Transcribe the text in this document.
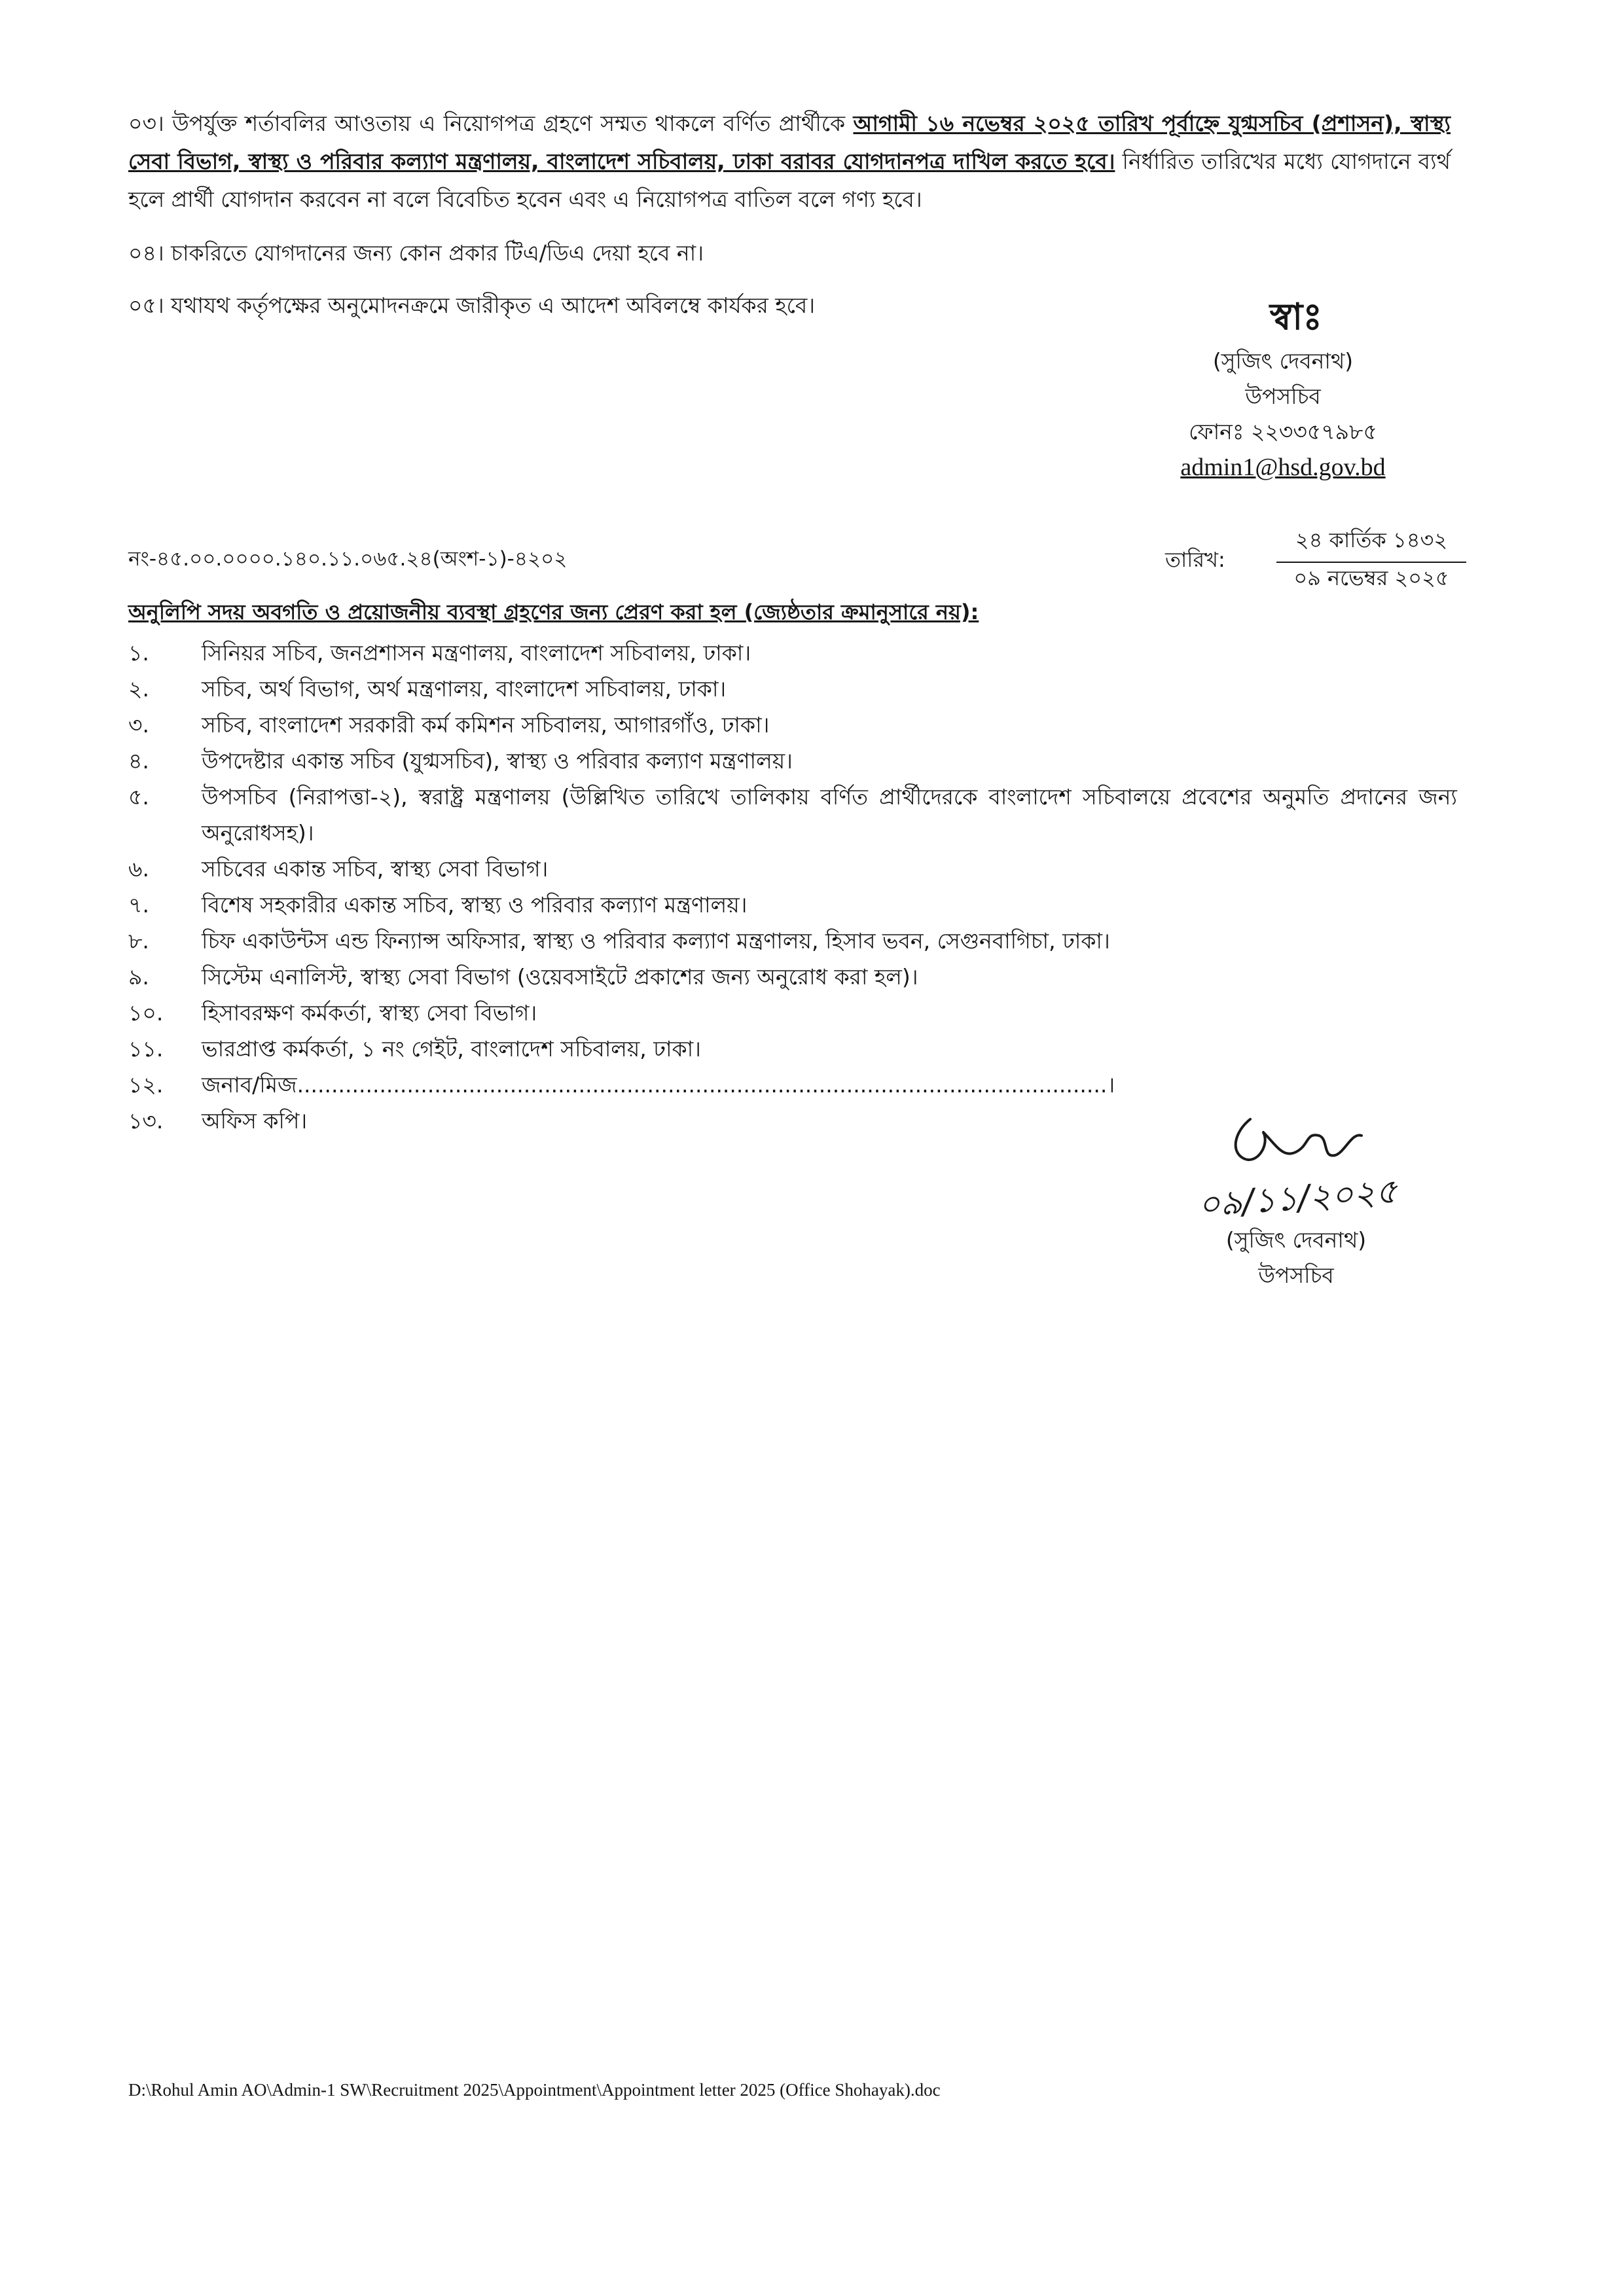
০৩। উপর্যুক্ত শর্তাবলির আওতায় এ নিয়োগপত্র গ্রহণে সম্মত থাকলে বর্ণিত প্রার্থীকে আগামী ১৬ নভেম্বর ২০২৫ তারিখ পূর্বাহ্নে যুগ্মসচিব (প্রশাসন), স্বাস্থ্য সেবা বিভাগ, স্বাস্থ্য ও পরিবার কল্যাণ মন্ত্রণালয়, বাংলাদেশ সচিবালয়, ঢাকা বরাবর যোগদানপত্র দাখিল করতে হবে। নির্ধারিত তারিখের মধ্যে যোগদানে ব্যর্থ হলে প্রার্থী যোগদান করবেন না বলে বিবেচিত হবেন এবং এ নিয়োগপত্র বাতিল বলে গণ্য হবে।
০৪। চাকরিতে যোগদানের জন্য কোন প্রকার টিএ/ডিএ দেয়া হবে না।
০৫। যথাযথ কর্তৃপক্ষের অনুমোদনক্রমে জারীকৃত এ আদেশ অবিলম্বে কার্যকর হবে।	স্বাঃ
(সুজিৎ দেবনাথ)
উপসচিব
ফোনঃ ২২৩৩৫৭৯৮৫
admin1@hsd.gov.bd
নং-৪৫.০০.০০০০.১৪০.১১.০৬৫.২৪(অংশ-১)-৪২০২	তারিখ:
২৪ কার্তিক ১৪৩২
০৯ নভেম্বর ২০২৫
অনুলিপি সদয় অবগতি ও প্রয়োজনীয় ব্যবস্থা গ্রহণের জন্য প্রেরণ করা হল (জ্যেষ্ঠতার ক্রমানুসারে নয়):
১.	সিনিয়র সচিব, জনপ্রশাসন মন্ত্রণালয়, বাংলাদেশ সচিবালয়, ঢাকা।
২.	সচিব, অর্থ বিভাগ, অর্থ মন্ত্রণালয়, বাংলাদেশ সচিবালয়, ঢাকা।
৩.	সচিব, বাংলাদেশ সরকারী কর্ম কমিশন সচিবালয়, আগারগাঁও, ঢাকা।
৪.	উপদেষ্টার একান্ত সচিব (যুগ্মসচিব), স্বাস্থ্য ও পরিবার কল্যাণ মন্ত্রণালয়।
৫.	উপসচিব (নিরাপত্তা-২), স্বরাষ্ট্র মন্ত্রণালয় (উল্লিখিত তারিখে তালিকায় বর্ণিত প্রার্থীদেরকে বাংলাদেশ সচিবালয়ে প্রবেশের অনুমতি প্রদানের জন্য অনুরোধসহ)।
৬.	সচিবের একান্ত সচিব, স্বাস্থ্য সেবা বিভাগ।
৭.	বিশেষ সহকারীর একান্ত সচিব, স্বাস্থ্য ও পরিবার কল্যাণ মন্ত্রণালয়।
৮.	চিফ একাউন্টস এন্ড ফিন্যান্স অফিসার, স্বাস্থ্য ও পরিবার কল্যাণ মন্ত্রণালয়, হিসাব ভবন, সেগুনবাগিচা, ঢাকা।
৯.	সিস্টেম এনালিস্ট, স্বাস্থ্য সেবা বিভাগ (ওয়েবসাইটে প্রকাশের জন্য অনুরোধ করা হল)।
১০.	হিসাবরক্ষণ কর্মকর্তা, স্বাস্থ্য সেবা বিভাগ।
১১.	ভারপ্রাপ্ত কর্মকর্তা, ১ নং গেইট, বাংলাদেশ সচিবালয়, ঢাকা।
১২.	জনাব/মিজ......................................................................................................................।
১৩.	অফিস কপি।
০৯/১১/২০২৫
(সুজিৎ দেবনাথ)
উপসচিব
D:\Rohul Amin AO\Admin-1 SW\Recruitment 2025\Appointment\Appointment letter 2025 (Office Shohayak).doc
